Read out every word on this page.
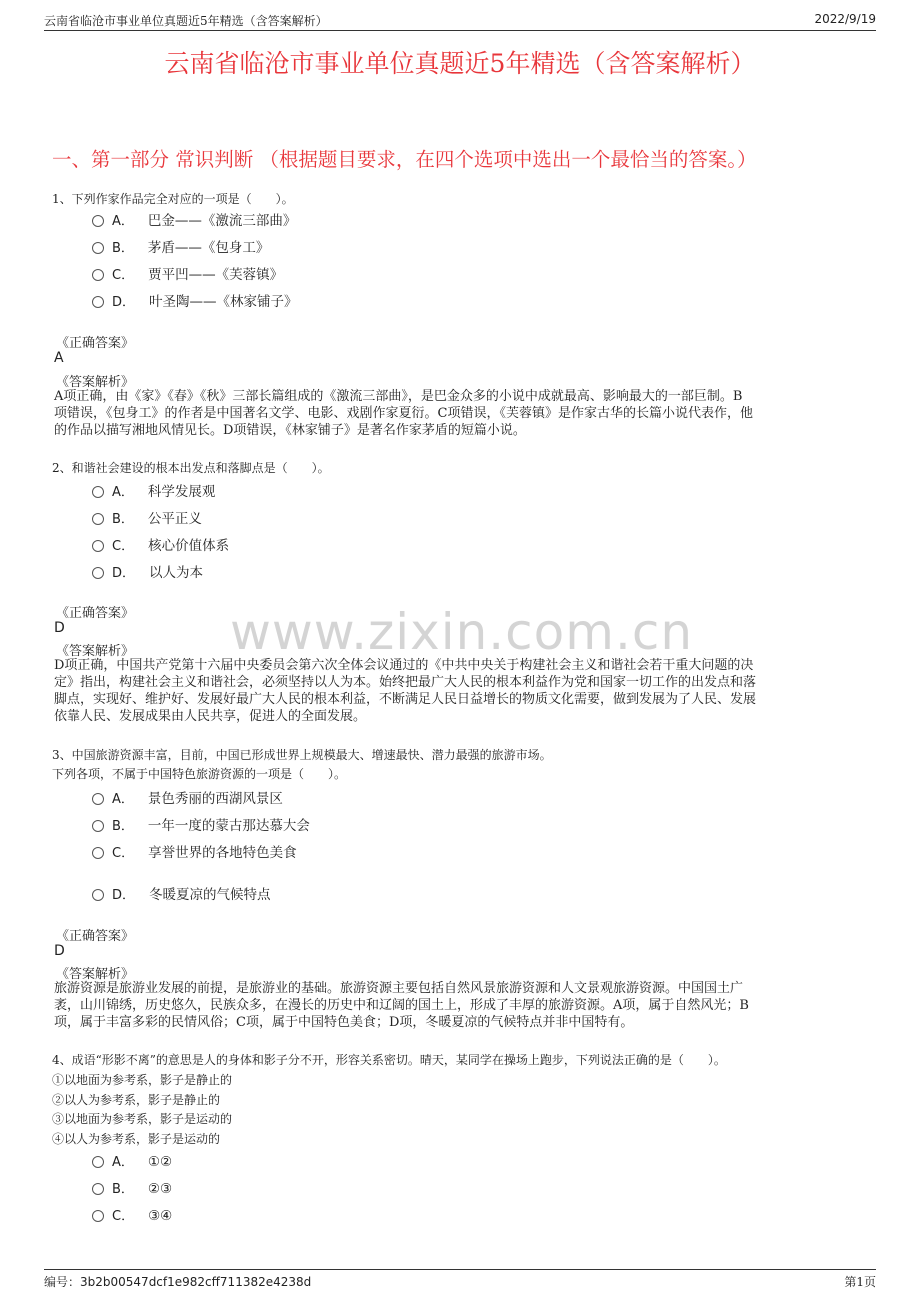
云南省临沧市事业单位真题近5年精选（含答案解析）	2022/9/19
云南省临沧市事业单位真题近5年精选（含答案解析）
一、第一部分 常识判断 （根据题目要求，在四个选项中选出一个最恰当的答案。）
www.zixin.com.cn
1、下列作家作品完全对应的一项是（　　）。
A． 巴金——《激流三部曲》
B． 茅盾——《包身工》
C． 贾平凹——《芙蓉镇》
D． 叶圣陶——《林家铺子》
《正确答案》
A
《答案解析》
A项正确，由《家》《春》《秋》三部长篇组成的《激流三部曲》，是巴金众多的小说中成就最高、影响最大的一部巨制。B
项错误，《包身工》的作者是中国著名文学、电影、戏剧作家夏衍。C项错误，《芙蓉镇》是作家古华的长篇小说代表作，他
的作品以描写湘地风情见长。D项错误，《林家铺子》是著名作家茅盾的短篇小说。
2、和谐社会建设的根本出发点和落脚点是（　　）。
A． 科学发展观
B． 公平正义
C． 核心价值体系
D． 以人为本
《正确答案》
D
《答案解析》
D项正确，中国共产党第十六届中央委员会第六次全体会议通过的《中共中央关于构建社会主义和谐社会若干重大问题的决
定》指出，构建社会主义和谐社会，必须坚持以人为本。始终把最广大人民的根本利益作为党和国家一切工作的出发点和落
脚点，实现好、维护好、发展好最广大人民的根本利益，不断满足人民日益增长的物质文化需要，做到发展为了人民、发展
依靠人民、发展成果由人民共享，促进人的全面发展。
3、中国旅游资源丰富，目前，中国已形成世界上规模最大、增速最快、潜力最强的旅游市场。
下列各项，不属于中国特色旅游资源的一项是（　　）。
A． 景色秀丽的西湖风景区
B． 一年一度的蒙古那达慕大会
C． 享誉世界的各地特色美食
D． 冬暖夏凉的气候特点
《正确答案》
D
《答案解析》
旅游资源是旅游业发展的前提，是旅游业的基础。旅游资源主要包括自然风景旅游资源和人文景观旅游资源。中国国土广
袤，山川锦绣，历史悠久，民族众多，在漫长的历史中和辽阔的国土上，形成了丰厚的旅游资源。A项，属于自然风光；B
项，属于丰富多彩的民情风俗；C项，属于中国特色美食；D项，冬暖夏凉的气候特点并非中国特有。
4、成语“形影不离”的意思是人的身体和影子分不开，形容关系密切。晴天，某同学在操场上跑步，下列说法正确的是（　　）。
①以地面为参考系，影子是静止的
②以人为参考系，影子是静止的
③以地面为参考系，影子是运动的
④以人为参考系，影子是运动的
A． ①②
B． ②③
C． ③④
编号：3b2b00547dcf1e982cff711382e4238d	第1页
